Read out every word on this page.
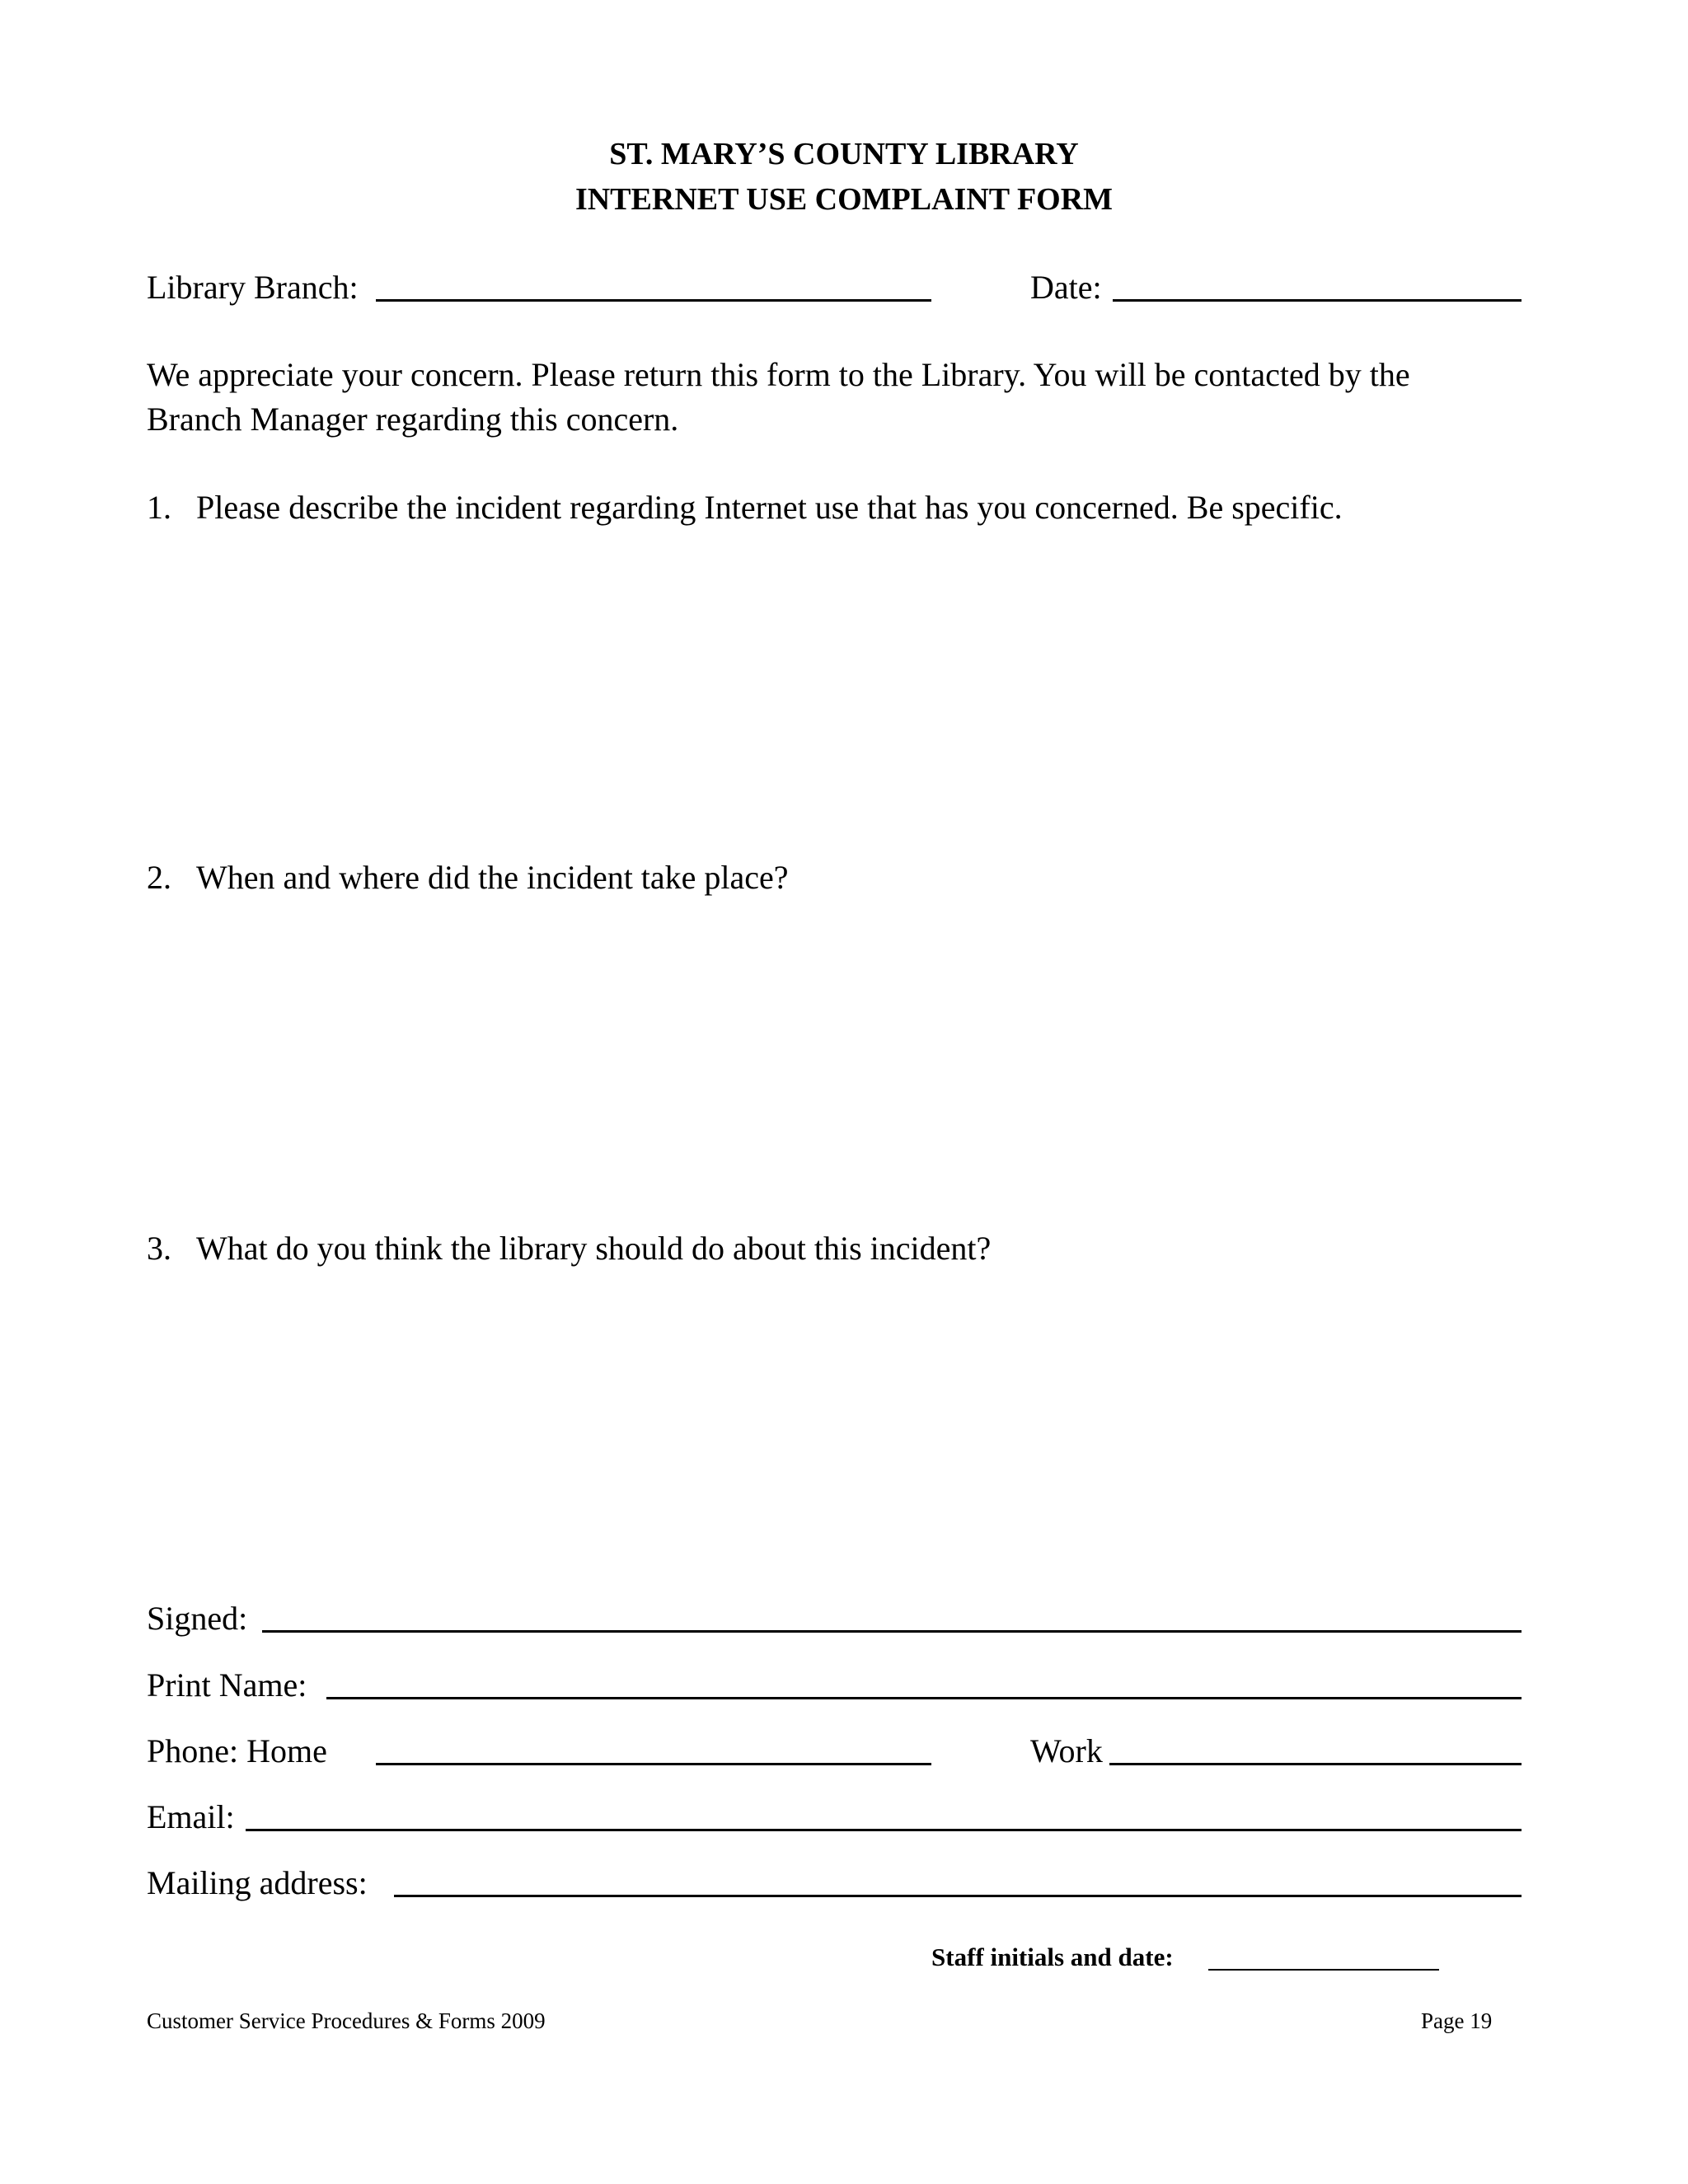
ST. MARY’S COUNTY LIBRARY
INTERNET USE COMPLAINT FORM
Library Branch:	Date:
We appreciate your concern. Please return this form to the Library. You will be contacted by the
Branch Manager regarding this concern.
1. Please describe the incident regarding Internet use that has you concerned. Be specific.
2. When and where did the incident take place?
3. What do you think the library should do about this incident?
Signed:
Print Name:
Phone: Home	Work
Email:
Mailing address:
Staff initials and date:
Customer Service Procedures & Forms 2009	Page 19
